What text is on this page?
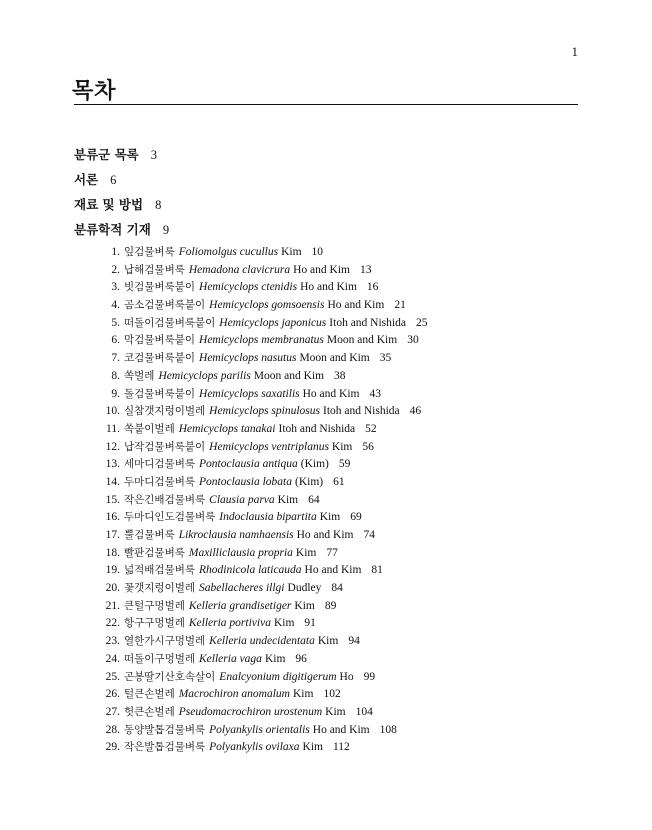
1
목차
분류군 목록 3
서론 6
재료 및 방법 8
분류학적 기재 9
1. 잎검물벼룩 Foliomolgus cucullus Kim 10
2. 납해검물벼룩 Hemadona clavicrura Ho and Kim 13
3. 빗검물벼룩붙이 Hemicyclops ctenidis Ho and Kim 16
4. 곰소검물벼룩붙이 Hemicyclops gomsoensis Ho and Kim 21
5. 떠돌이검물벼룩붙이 Hemicyclops japonicus Itoh and Nishida 25
6. 막검물벼룩붙이 Hemicyclops membranatus Moon and Kim 30
7. 코검물벼룩붙이 Hemicyclops nasutus Moon and Kim 35
8. 쏙벌레 Hemicyclops parilis Moon and Kim 38
9. 돌검물벼룩붙이 Hemicyclops saxatilis Ho and Kim 43
10. 실참갯지렁이벌레 Hemicyclops spinulosus Itoh and Nishida 46
11. 쏙붙이벌레 Hemicyclops tanakai Itoh and Nishida 52
12. 납작검물벼룩붙이 Hemicyclops ventriplanus Kim 56
13. 세마디검물벼룩 Pontoclausia antiqua (Kim) 59
14. 두마디검물벼룩 Pontoclausia lobata (Kim) 61
15. 작은긴배검물벼룩 Clausia parva Kim 64
16. 두마디인도검물벼룩 Indoclausia bipartita Kim 69
17. 뿔검물벼룩 Likroclausia namhaensis Ho and Kim 74
18. 빨판검물벼룩 Maxilliclausia propria Kim 77
19. 넓적배검물벼룩 Rhodinicola laticauda Ho and Kim 81
20. 꽃갯지렁이벌레 Sabellacheres illgi Dudley 84
21. 큰털구멍벌레 Kelleria grandisetiger Kim 89
22. 항구구멍벌레 Kelleria portiviva Kim 91
23. 열한가시구멍벌레 Kelleria undecidentata Kim 94
24. 떠돌이구멍벌레 Kelleria vaga Kim 96
25. 곤봉딸기산호속살이 Enalcyonium digitigerum Ho 99
26. 털큰손벌레 Macrochiron anomalum Kim 102
27. 헛큰손벌레 Pseudomacrochiron urostenum Kim 104
28. 동양발톱검물벼룩 Polyankylis orientalis Ho and Kim 108
29. 작은발톱검물벼룩 Polyankylis ovilaxa Kim 112
